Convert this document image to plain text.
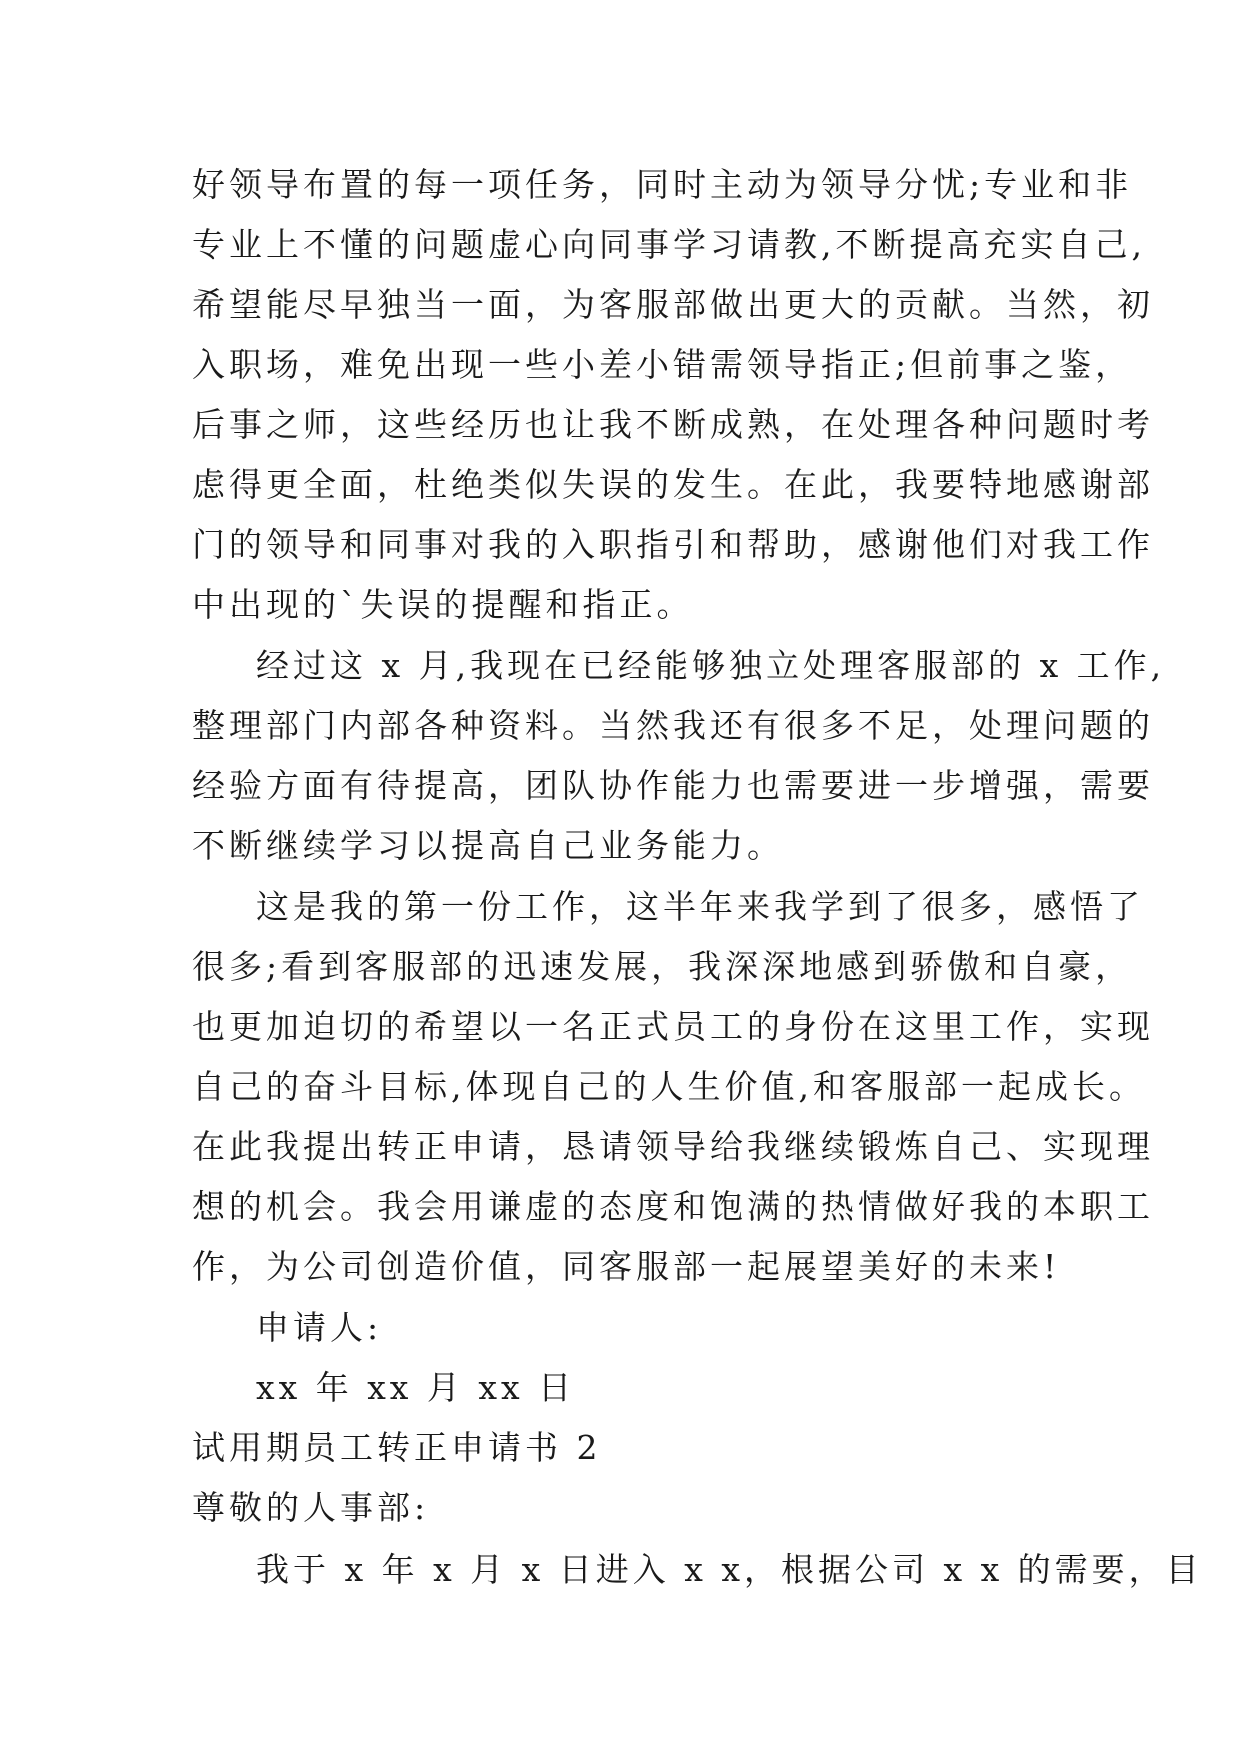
好领导布置的每一项任务，同时主动为领导分忧;专业和非
专业上不懂的问题虚心向同事学习请教,不断提高充实自己,
希望能尽早独当一面，为客服部做出更大的贡献。当然，初
入职场，难免出现一些小差小错需领导指正;但前事之鉴，
后事之师，这些经历也让我不断成熟，在处理各种问题时考
虑得更全面，杜绝类似失误的发生。在此，我要特地感谢部
门的领导和同事对我的入职指引和帮助，感谢他们对我工作
中出现的`失误的提醒和指正。
经过这 x 月,我现在已经能够独立处理客服部的 x 工作,
整理部门内部各种资料。当然我还有很多不足，处理问题的
经验方面有待提高，团队协作能力也需要进一步增强，需要
不断继续学习以提高自己业务能力。
这是我的第一份工作，这半年来我学到了很多，感悟了
很多;看到客服部的迅速发展，我深深地感到骄傲和自豪，
也更加迫切的希望以一名正式员工的身份在这里工作，实现
自己的奋斗目标,体现自己的人生价值,和客服部一起成长。
在此我提出转正申请，恳请领导给我继续锻炼自己、实现理
想的机会。我会用谦虚的态度和饱满的热情做好我的本职工
作，为公司创造价值，同客服部一起展望美好的未来!
申请人:
xx 年 xx 月 xx 日
试用期员工转正申请书 2
尊敬的人事部:
我于 x 年 x 月 x 日进入 x x，根据公司 x x 的需要，目
